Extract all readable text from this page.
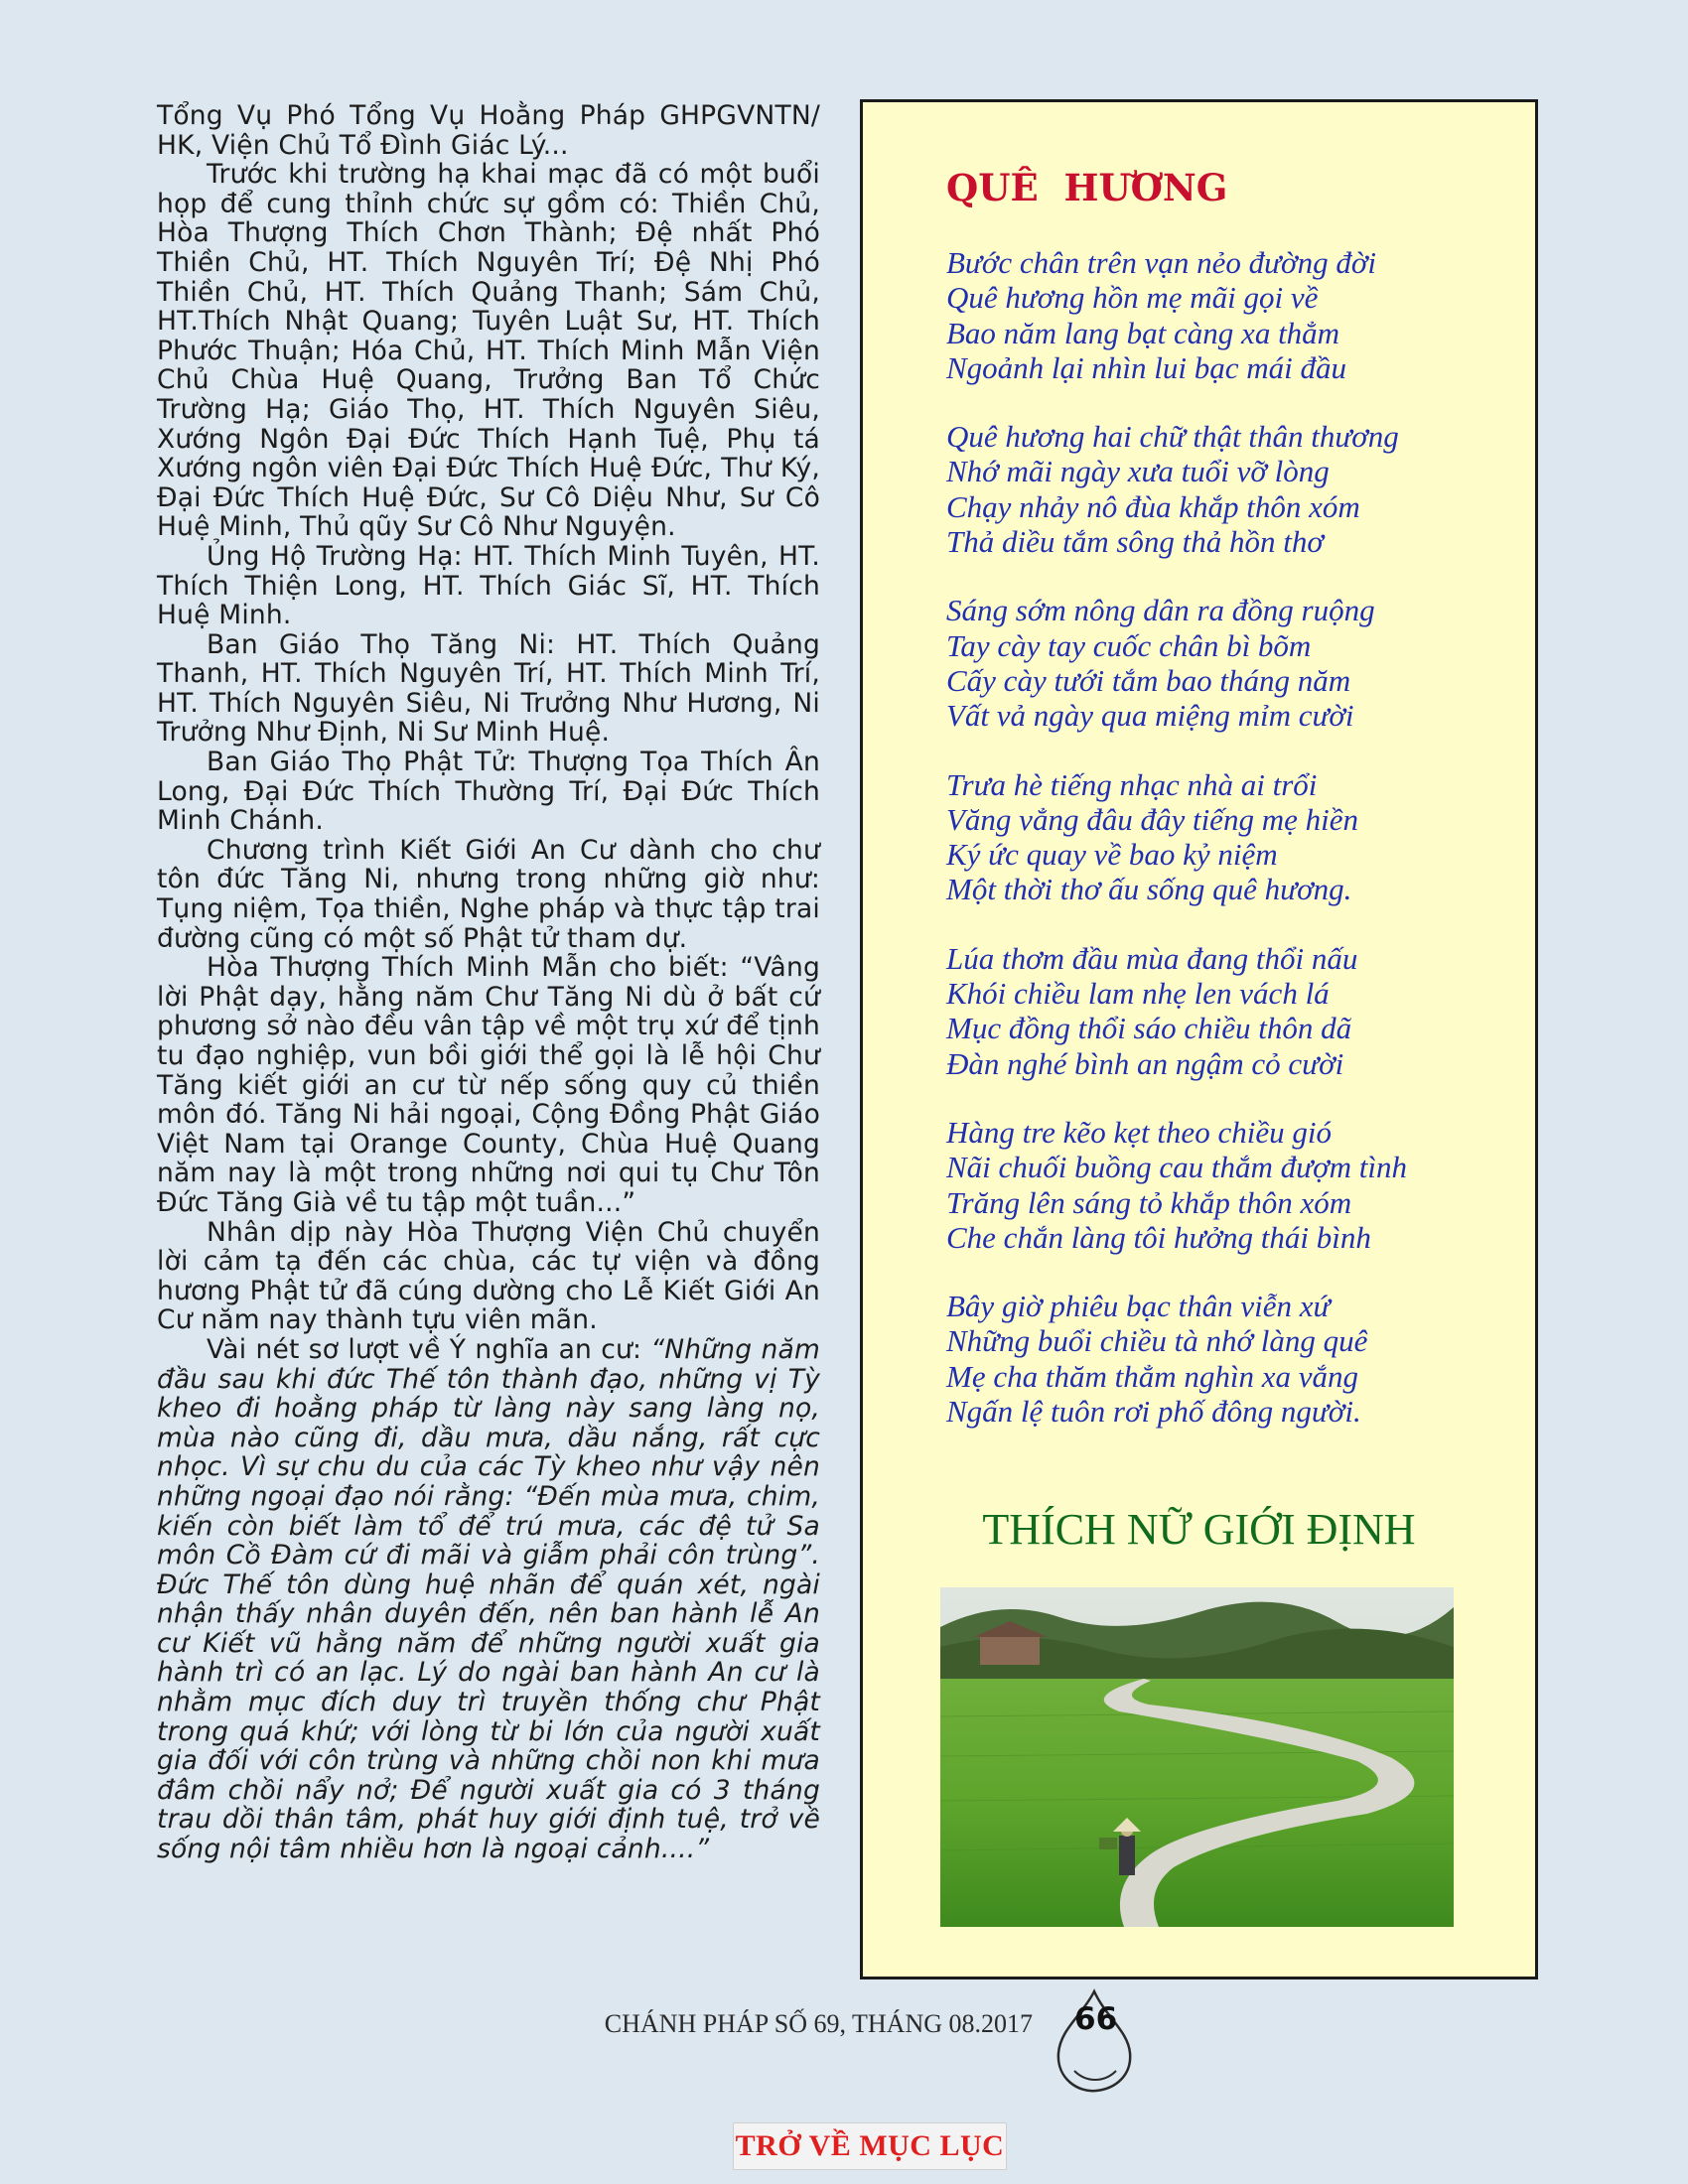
Tổng Vụ Phó Tổng Vụ Hoằng Pháp GHPGVNTN/ HK, Viện Chủ Tổ Đình Giác Lý...

Trước khi trường hạ khai mạc đã có một buổi họp để cung thỉnh chức sự gồm có: Thiền Chủ, Hòa Thượng Thích Chơn Thành; Đệ nhất Phó Thiền Chủ, HT. Thích Nguyên Trí; Đệ Nhị Phó Thiền Chủ, HT. Thích Quảng Thanh; Sám Chủ, HT.Thích Nhật Quang; Tuyên Luật Sư, HT. Thích Phước Thuận; Hóa Chủ, HT. Thích Minh Mẫn Viện Chủ Chùa Huệ Quang, Trưởng Ban Tổ Chức Trường Hạ; Giáo Thọ, HT. Thích Nguyên Siêu, Xướng Ngôn Đại Đức Thích Hạnh Tuệ, Phụ tá Xướng ngôn viên Đại Đức Thích Huệ Đức, Thư Ký, Đại Đức Thích Huệ Đức, Sư Cô Diệu Như, Sư Cô Huệ Minh, Thủ qũy Sư Cô Như Nguyện.

Ủng Hộ Trường Hạ: HT. Thích Minh Tuyên, HT. Thích Thiện Long, HT. Thích Giác Sĩ, HT. Thích Huệ Minh.

Ban Giáo Thọ Tăng Ni: HT. Thích Quảng Thanh, HT. Thích Nguyên Trí, HT. Thích Minh Trí, HT. Thích Nguyên Siêu, Ni Trưởng Như Hương, Ni Trưởng Như Định, Ni Sư Minh Huệ.

Ban Giáo Thọ Phật Tử: Thượng Tọa Thích Ân Long, Đại Đức Thích Thường Trí, Đại Đức Thích Minh Chánh.

Chương trình Kiết Giới An Cư dành cho chư tôn đức Tăng Ni, nhưng trong những giờ như: Tụng niệm, Tọa thiền, Nghe pháp và thực tập trai đường cũng có một số Phật tử tham dự.

Hòa Thượng Thích Minh Mẫn cho biết: “Vâng lời Phật dạy, hằng năm Chư Tăng Ni dù ở bất cứ phương sở nào đều vân tập về một trụ xứ để tịnh tu đạo nghiệp, vun bồi giới thể gọi là lễ hội Chư Tăng kiết giới an cư từ nếp sống quy củ thiền môn đó. Tăng Ni hải ngoại, Cộng Đồng Phật Giáo Việt Nam tại Orange County, Chùa Huệ Quang năm nay là một trong những nơi qui tụ Chư Tôn Đức Tăng Già về tu tập một tuần...”

Nhân dịp này Hòa Thượng Viện Chủ chuyển lời cảm tạ đến các chùa, các tự viện và đồng hương Phật tử đã cúng dường cho Lễ Kiết Giới An Cư năm nay thành tựu viên mãn.

Vài nét sơ lượt về Ý nghĩa an cư: “Những năm đầu sau khi đức Thế tôn thành đạo, những vị Tỳ kheo đi hoằng pháp từ làng này sang làng nọ, mùa nào cũng đi, dầu mưa, dầu nắng, rất cực nhọc. Vì sự chu du của các Tỳ kheo như vậy nên những ngoại đạo nói rằng: “Đến mùa mưa, chim, kiến còn biết làm tổ để trú mưa, các đệ tử Sa môn Cồ Đàm cứ đi mãi và giẫm phải côn trùng”. Đức Thế tôn dùng huệ nhãn để quán xét, ngài nhận thấy nhân duyên đến, nên ban hành lễ An cư Kiết vũ hằng năm để những người xuất gia hành trì có an lạc. Lý do ngài ban hành An cư là nhằm mục đích duy trì truyền thống chư Phật trong quá khứ; với lòng từ bi lớn của người xuất gia đối với côn trùng và những chồi non khi mưa đâm chồi nẩy nở; Để người xuất gia có 3 tháng trau dồi thân tâm, phát huy giới định tuệ, trở về sống nội tâm nhiều hơn là ngoại cảnh....”

QUÊ  HƯƠNG
Bước chân trên vạn nẻo đường đời
Quê hương hồn mẹ mãi gọi về
Bao năm lang bạt càng xa thẳm
Ngoảnh lại nhìn lui bạc mái đầu
Quê hương hai chữ thật thân thương
Nhớ mãi ngày xưa tuổi vỡ lòng
Chạy nhảy nô đùa khắp thôn xóm
Thả diều tắm sông thả hồn thơ
Sáng sớm nông dân ra đồng ruộng
Tay cày tay cuốc chân bì bõm
Cấy cày tưới tắm bao tháng năm
Vất vả ngày qua miệng mỉm cười
Trưa hè tiếng nhạc nhà ai trổi
Văng vẳng đâu đây tiếng mẹ hiền
Ký ức quay về bao kỷ niệm
Một thời thơ ấu sống quê hương.
Lúa thơm đầu mùa đang thổi nấu
Khói chiều lam nhẹ len vách lá
Mục đồng thổi sáo chiều thôn dã
Đàn nghé bình an ngậm cỏ cười
Hàng tre kẽo kẹt theo chiều gió
Nãi chuối buồng cau thắm đượm tình
Trăng lên sáng tỏ khắp thôn xóm
Che chắn làng tôi hưởng thái bình
Bây giờ phiêu bạc thân viễn xứ
Những buổi chiều tà nhớ làng quê
Mẹ cha thăm thẳm nghìn xa vắng
Ngấn lệ tuôn rơi phố đông người.

THÍCH NỮ GIỚI ĐỊNH

CHÁNH PHÁP SỐ 69, THÁNG 08.2017 66
TRỞ VỀ MỤC LỤC
